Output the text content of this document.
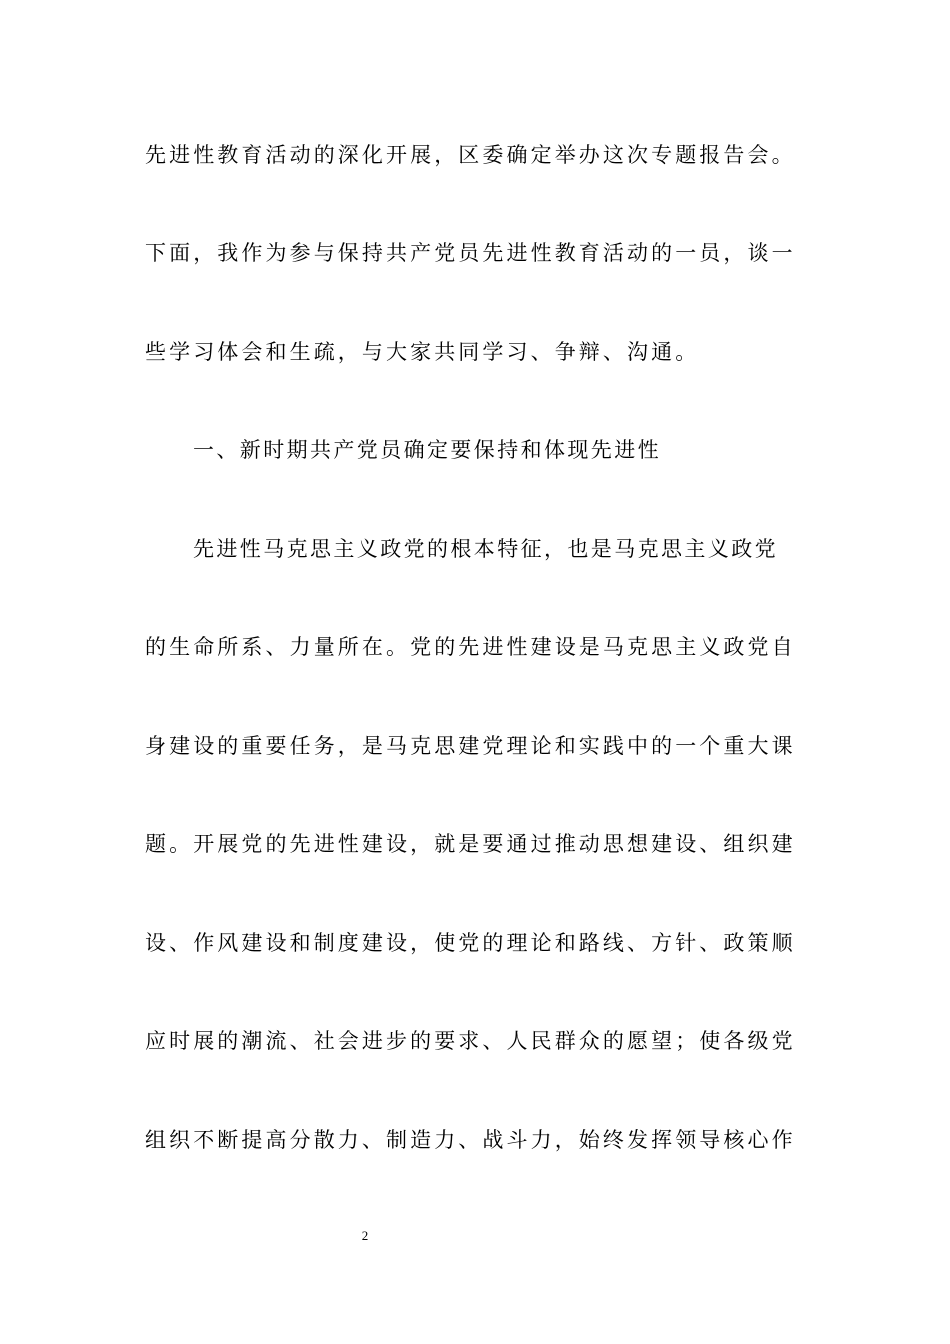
先进性教育活动的深化开展，区委确定举办这次专题报告会。
下面，我作为参与保持共产党员先进性教育活动的一员，谈一
些学习体会和生疏，与大家共同学习、争辩、沟通。
一、新时期共产党员确定要保持和体现先进性
先进性马克思主义政党的根本特征，也是马克思主义政党
的生命所系、力量所在。党的先进性建设是马克思主义政党自
身建设的重要任务，是马克思建党理论和实践中的一个重大课
题。开展党的先进性建设，就是要通过推动思想建设、组织建
设、作风建设和制度建设，使党的理论和路线、方针、政策顺
应时展的潮流、社会进步的要求、人民群众的愿望；使各级党
组织不断提高分散力、制造力、战斗力，始终发挥领导核心作
2
